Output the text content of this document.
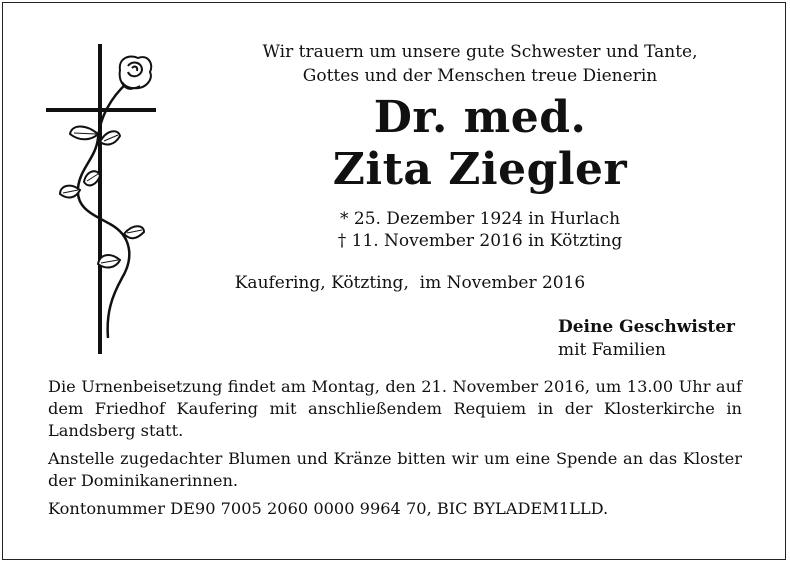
Wir trauern um unsere gute Schwester und Tante,
Gottes und der Menschen treue Dienerin
Dr. med.
Zita Ziegler
* 25. Dezember 1924 in Hurlach
† 11. November 2016 in Kötzting
Kaufering, Kötzting,  im November 2016
Deine Geschwister
mit Familien

Die Urnenbeisetzung findet am Montag, den 21. November 2016, um 13.00 Uhr auf dem Friedhof Kaufering mit anschließendem Requiem in der Klosterkirche in Landsberg statt.

Anstelle zugedachter Blumen und Kränze bitten wir um eine Spende an das Kloster der Dominikanerinnen.

Kontonummer DE90 7005 2060 0000 9964 70, BIC BYLADEM1LLD.
